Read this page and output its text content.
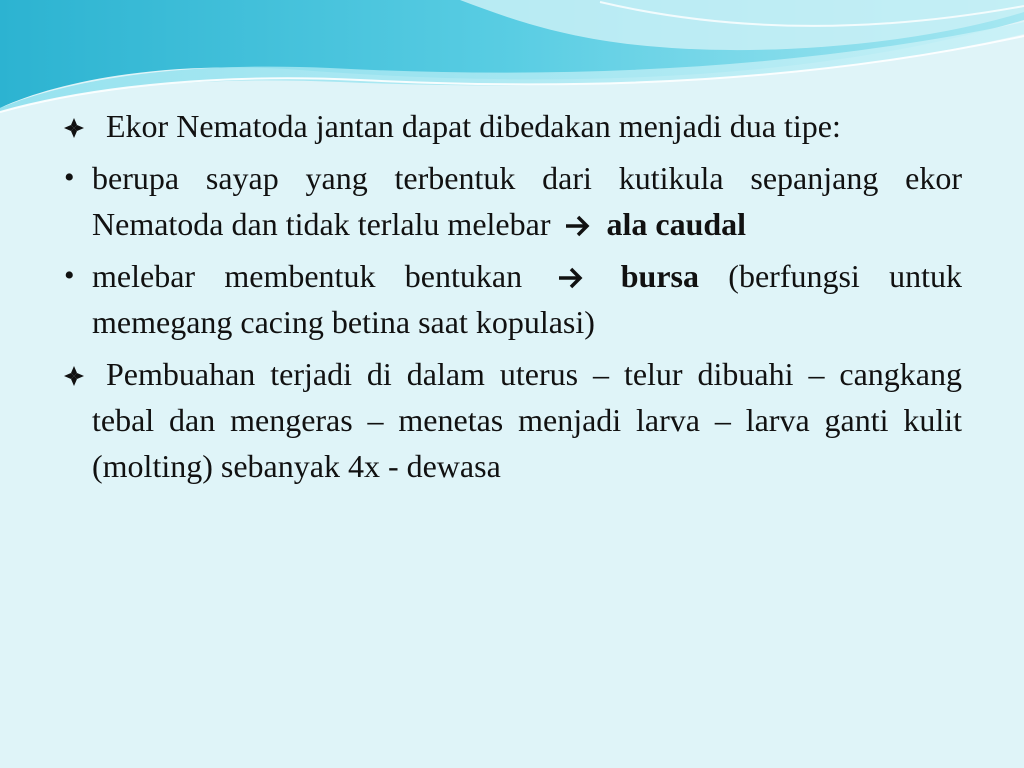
Ekor Nematoda jantan dapat dibedakan menjadi dua tipe:
• berupa sayap yang terbentuk dari kutikula sepanjang ekor Nematoda dan tidak terlalu melebar ala caudal
• melebar membentuk bentukan	bursa (berfungsi untuk memegang cacing betina saat kopulasi)
Pembuahan terjadi di dalam uterus – telur dibuahi – cangkang tebal dan mengeras – menetas menjadi larva – larva ganti kulit (molting) sebanyak 4x - dewasa
